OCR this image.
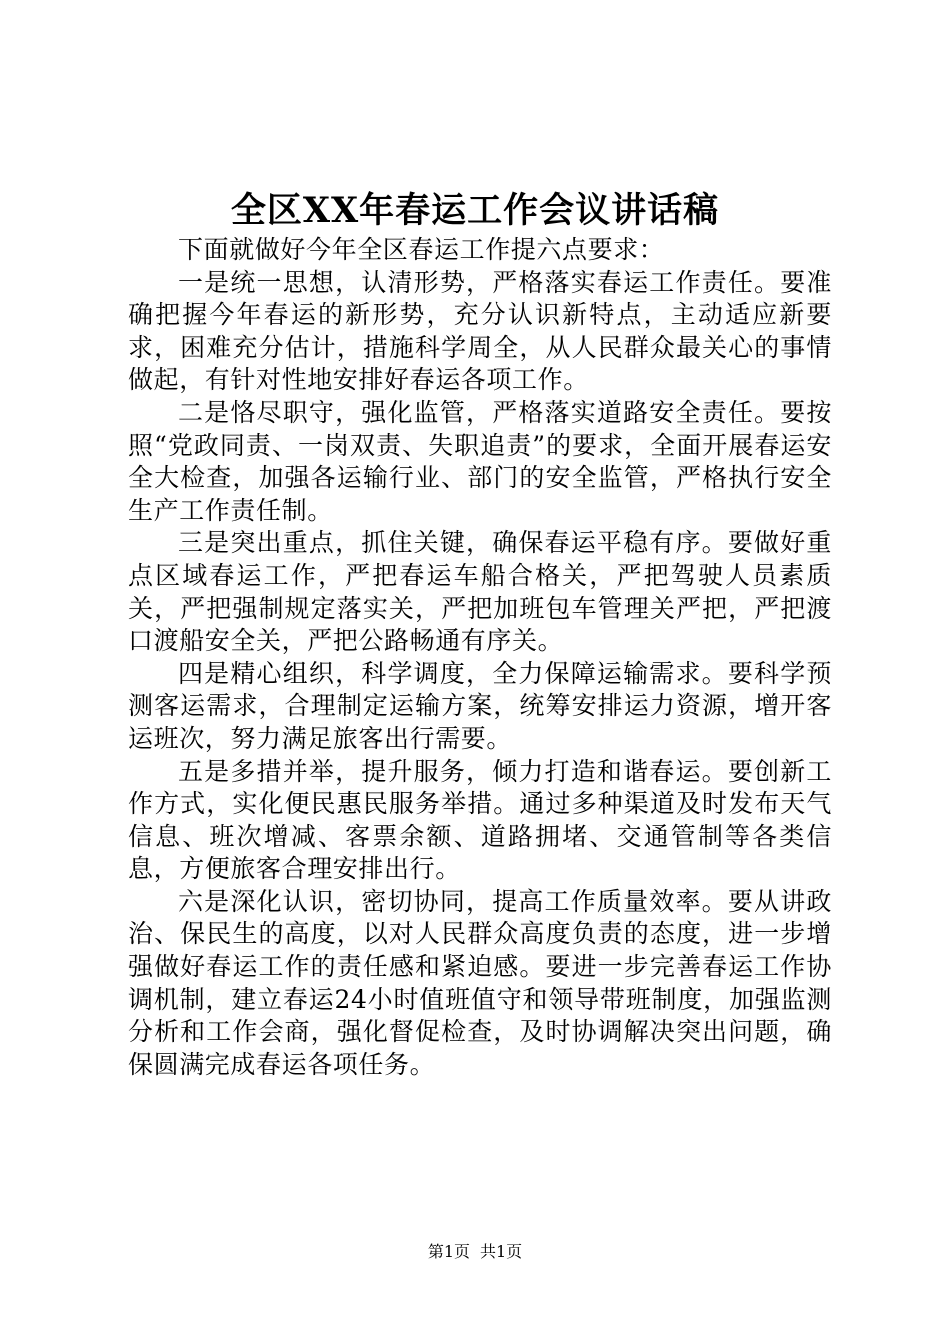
全区XX年春运工作会议讲话稿

下面就做好今年全区春运工作提六点要求：

一是统一思想，认清形势，严格落实春运工作责任。要准确把握今年春运的新形势，充分认识新特点，主动适应新要求，困难充分估计，措施科学周全，从人民群众最关心的事情做起，有针对性地安排好春运各项工作。

二是恪尽职守，强化监管，严格落实道路安全责任。要按照“党政同责、一岗双责、失职追责”的要求，全面开展春运安全大检查，加强各运输行业、部门的安全监管，严格执行安全生产工作责任制。

三是突出重点，抓住关键，确保春运平稳有序。要做好重点区域春运工作，严把春运车船合格关，严把驾驶人员素质关，严把强制规定落实关，严把加班包车管理关严把，严把渡口渡船安全关，严把公路畅通有序关。

四是精心组织，科学调度，全力保障运输需求。要科学预测客运需求，合理制定运输方案，统筹安排运力资源，增开客运班次，努力满足旅客出行需要。

五是多措并举，提升服务，倾力打造和谐春运。要创新工作方式，实化便民惠民服务举措。通过多种渠道及时发布天气信息、班次增减、客票余额、道路拥堵、交通管制等各类信息，方便旅客合理安排出行。

六是深化认识，密切协同，提高工作质量效率。要从讲政治、保民生的高度，以对人民群众高度负责的态度，进一步增强做好春运工作的责任感和紧迫感。要进一步完善春运工作协调机制，建立春运24小时值班值守和领导带班制度，加强监测分析和工作会商，强化督促检查，及时协调解决突出问题，确保圆满完成春运各项任务。

第1页 共1页
